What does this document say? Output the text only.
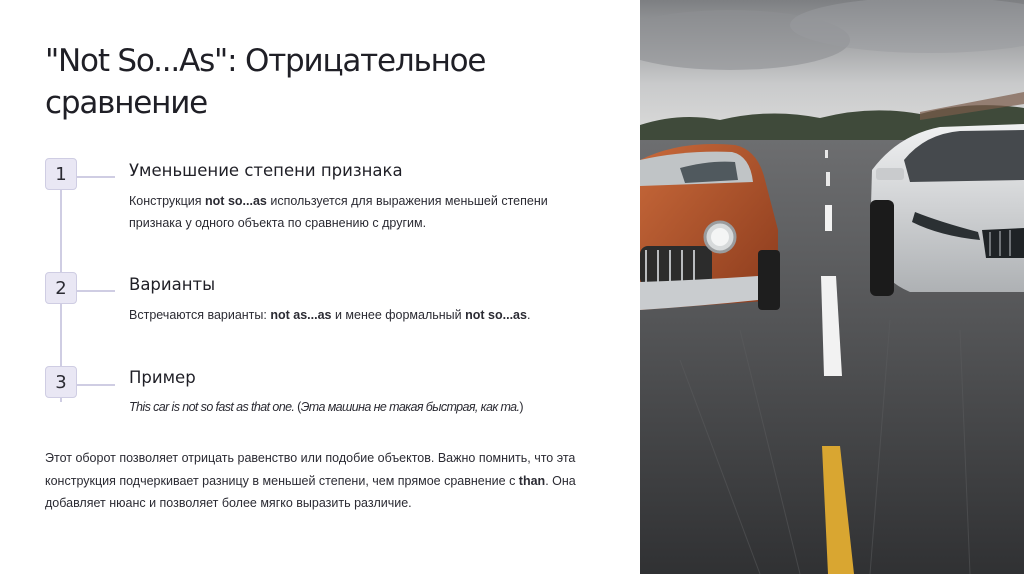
"Not So...As": Отрицательное сравнение
1	Уменьшение степени признака

Конструкция not so...as используется для выражения меньшей степени признака у одного объекта по сравнению с другим.

2	Варианты

Встречаются варианты: not as...as и менее формальный not so...as.

3	Пример

This car is not so fast as that one. (Эта машина не такая быстрая, как та.)

Этот оборот позволяет отрицать равенство или подобие объектов. Важно помнить, что эта конструкция подчеркивает разницу в меньшей степени, чем прямое сравнение с than. Она добавляет нюанс и позволяет более мягко выразить различие.
